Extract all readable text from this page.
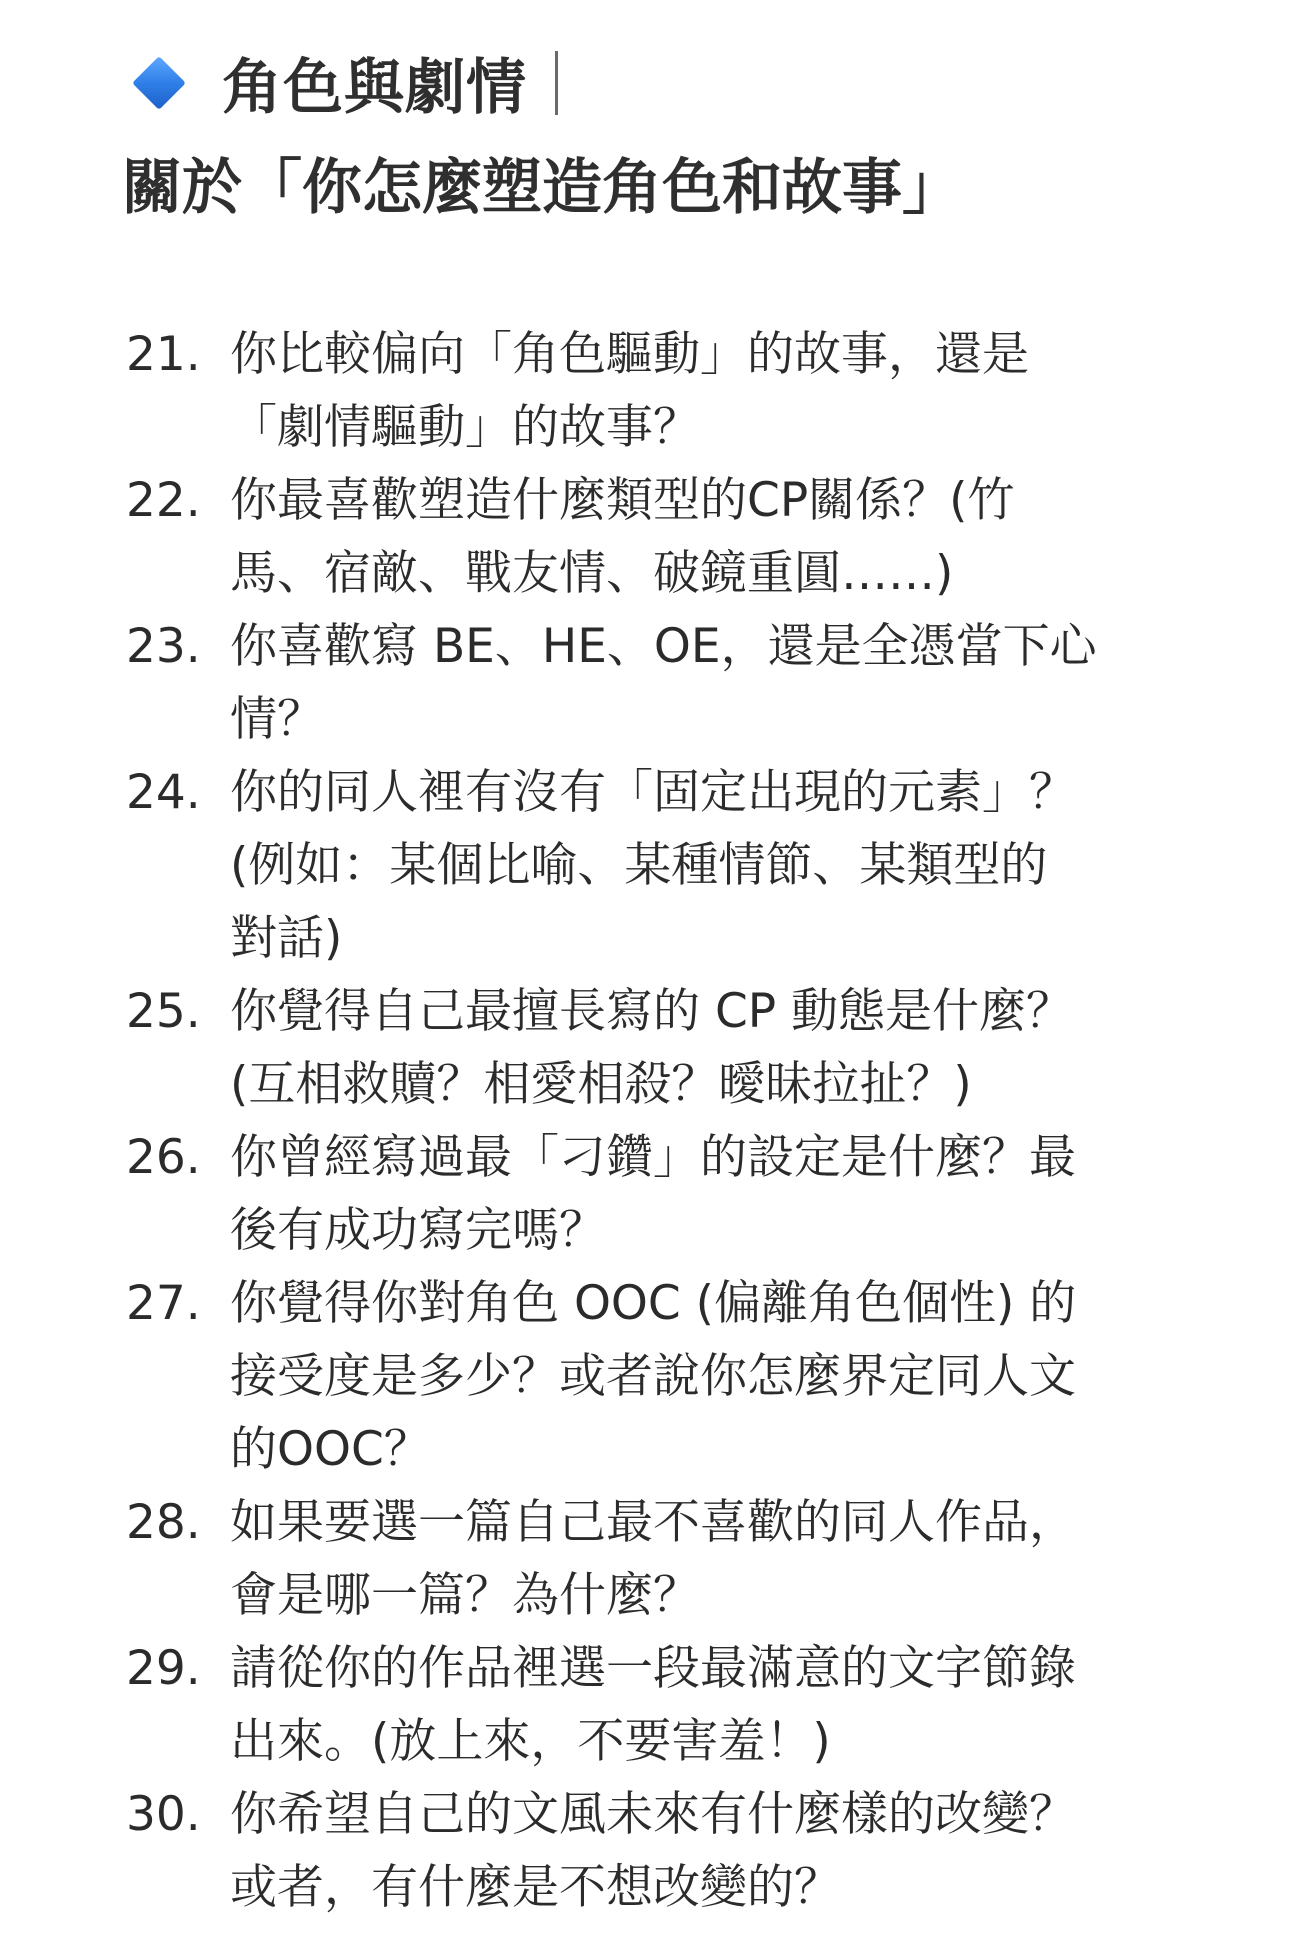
角色與劇情
關於「你怎麼塑造角色和故事」
21. 你比較偏向「角色驅動」的故事，還是
「劇情驅動」的故事？
22. 你最喜歡塑造什麼類型的CP關係？(竹
馬、宿敵、戰友情、破鏡重圓……)
23. 你喜歡寫 BE、HE、OE，還是全憑當下心
情？
24. 你的同人裡有沒有「固定出現的元素」？
(例如：某個比喻、某種情節、某類型的
對話)
25. 你覺得自己最擅長寫的 CP 動態是什麼？
(互相救贖？相愛相殺？曖昧拉扯？)
26. 你曾經寫過最「刁鑽」的設定是什麼？最
後有成功寫完嗎？
27. 你覺得你對角色 OOC (偏離角色個性) 的
接受度是多少？或者說你怎麼界定同人文
的OOC？
28. 如果要選一篇自己最不喜歡的同人作品，
會是哪一篇？為什麼？
29. 請從你的作品裡選一段最滿意的文字節錄
出來。(放上來，不要害羞！)
30. 你希望自己的文風未來有什麼樣的改變？
或者，有什麼是不想改變的？
